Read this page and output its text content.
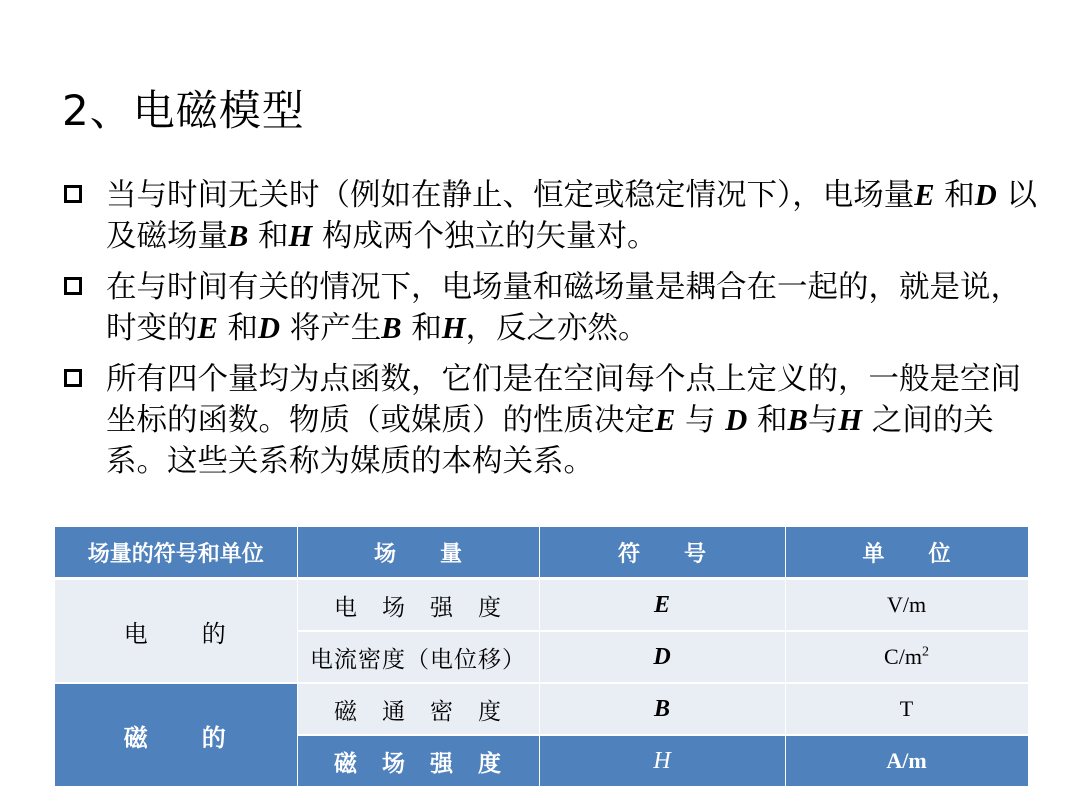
2、电磁模型
当与时间无关时（例如在静止、恒定或稳定情况下），电场量E 和D 以及磁场量B 和H 构成两个独立的矢量对。
在与时间有关的情况下，电场量和磁场量是耦合在一起的，就是说，时变的E 和D 将产生B 和H，反之亦然。
所有四个量均为点函数，它们是在空间每个点上定义的，一般是空间坐标的函数。物质（或媒质）的性质决定E 与 D 和B与H 之间的关系。这些关系称为媒质的本构关系。
场量的符号和单位	场　　量	符　　号	单　　位
电　　的	电　场　强　度	E	V/m
	电流密度（电位移）	D	$C/m^2$
磁　　的	磁　通　密　度	B	T
	磁　场　强　度	H	A/m
